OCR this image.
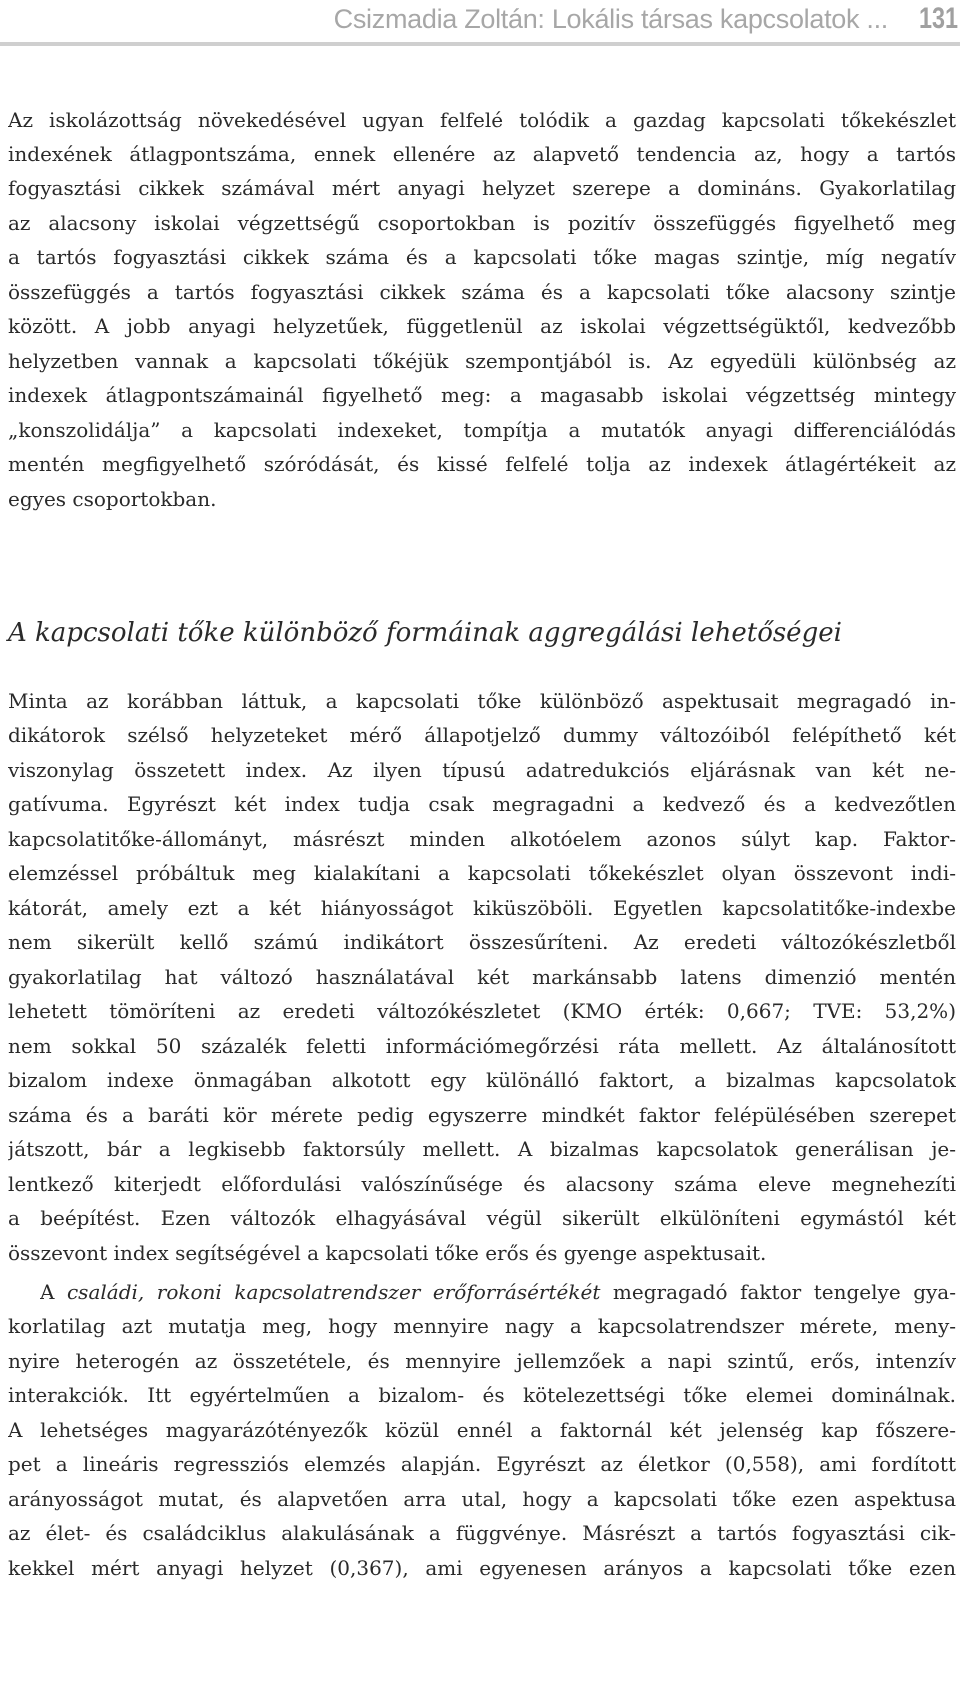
Csizmadia Zoltán: Lokális társas kapcsolatok ... 131
Az iskolázottság növekedésével ugyan felfelé tolódik a gazdag kapcsolati tőkekészlet
indexének átlagpontszáma, ennek ellenére az alapvető tendencia az, hogy a tartós
fogyasztási cikkek számával mért anyagi helyzet szerepe a domináns. Gyakorlatilag
az alacsony iskolai végzettségű csoportokban is pozitív összefüggés figyelhető meg
a tartós fogyasztási cikkek száma és a kapcsolati tőke magas szintje, míg negatív
összefüggés a tartós fogyasztási cikkek száma és a kapcsolati tőke alacsony szintje
között. A jobb anyagi helyzetűek, függetlenül az iskolai végzettségüktől, kedvezőbb
helyzetben vannak a kapcsolati tőkéjük szempontjából is. Az egyedüli különbség az
indexek átlagpontszámainál figyelhető meg: a magasabb iskolai végzettség mintegy
„konszolidálja” a kapcsolati indexeket, tompítja a mutatók anyagi differenciálódás
mentén megfigyelhető szóródását, és kissé felfelé tolja az indexek átlagértékeit az
egyes csoportokban.
A kapcsolati tőke különböző formáinak aggregálási lehetőségei
Minta az korábban láttuk, a kapcsolati tőke különböző aspektusait megragadó in-
dikátorok szélső helyzeteket mérő állapotjelző dummy változóiból felépíthető két
viszonylag összetett index. Az ilyen típusú adatredukciós eljárásnak van két ne-
gatívuma. Egyrészt két index tudja csak megragadni a kedvező és a kedvezőtlen
kapcsolatitőke-állományt, másrészt minden alkotóelem azonos súlyt kap. Faktor-
elemzéssel próbáltuk meg kialakítani a kapcsolati tőkekészlet olyan összevont indi-
kátorát, amely ezt a két hiányosságot kiküszöböli. Egyetlen kapcsolatitőke-indexbe
nem sikerült kellő számú indikátort összesűríteni. Az eredeti változókészletből
gyakorlatilag hat változó használatával két markánsabb latens dimenzió mentén
lehetett tömöríteni az eredeti változókészletet (KMO érték: 0,667; TVE: 53,2%)
nem sokkal 50 százalék feletti információmegőrzési ráta mellett. Az általánosított
bizalom indexe önmagában alkotott egy különálló faktort, a bizalmas kapcsolatok
száma és a baráti kör mérete pedig egyszerre mindkét faktor felépülésében szerepet
játszott, bár a legkisebb faktorsúly mellett. A bizalmas kapcsolatok generálisan je-
lentkező kiterjedt előfordulási valószínűsége és alacsony száma eleve megnehezíti
a beépítést. Ezen változók elhagyásával végül sikerült elkülöníteni egymástól két
összevont index segítségével a kapcsolati tőke erős és gyenge aspektusait.
A családi, rokoni kapcsolatrendszer erőforrásértékét megragadó faktor tengelye gya-
korlatilag azt mutatja meg, hogy mennyire nagy a kapcsolatrendszer mérete, meny-
nyire heterogén az összetétele, és mennyire jellemzőek a napi szintű, erős, intenzív
interakciók. Itt egyértelműen a bizalom- és kötelezettségi tőke elemei dominálnak.
A lehetséges magyarázótényezők közül ennél a faktornál két jelenség kap főszere-
pet a lineáris regressziós elemzés alapján. Egyrészt az életkor (0,558), ami fordított
arányosságot mutat, és alapvetően arra utal, hogy a kapcsolati tőke ezen aspektusa
az élet- és családciklus alakulásának a függvénye. Másrészt a tartós fogyasztási cik-
kekkel mért anyagi helyzet (0,367), ami egyenesen arányos a kapcsolati tőke ezen
